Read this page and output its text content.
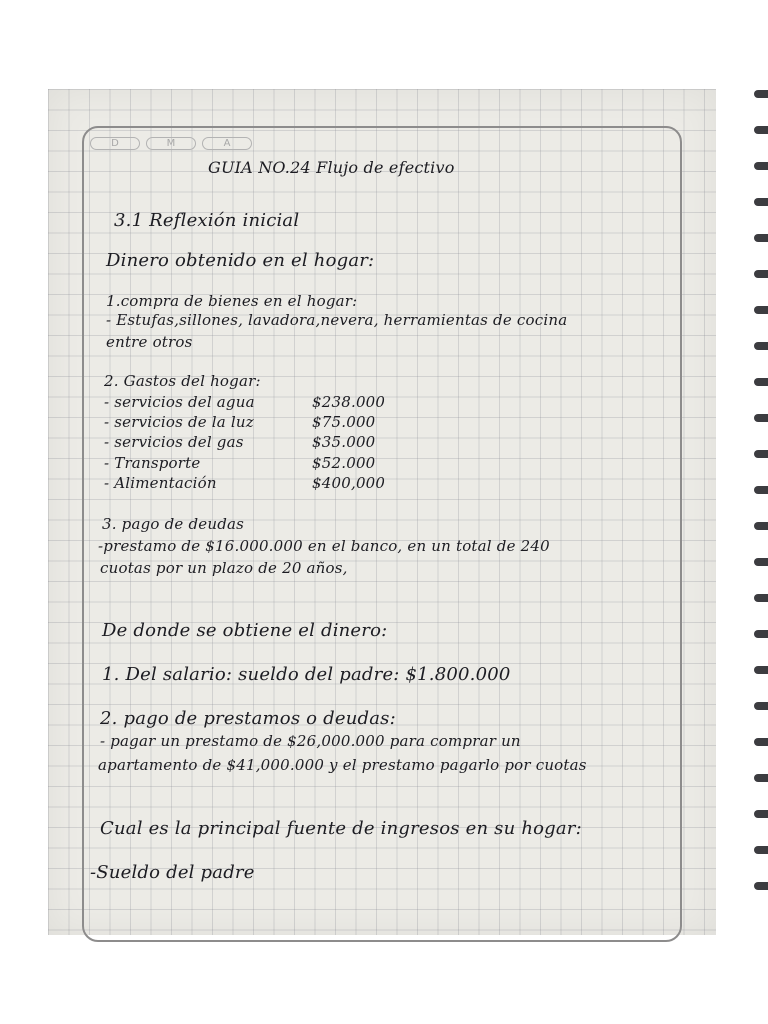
D	M	A
GUIA NO.24 Flujo de efectivo
3.1 Reflexión inicial
Dinero obtenido en el hogar:
1.compra de bienes en el hogar:
- Estufas,sillones, lavadora,nevera, herramientas de cocina
entre otros
2. Gastos del hogar:
- servicios del agua	$238.000
- servicios de la luz	$75.000
- servicios del gas	$35.000
- Transporte	$52.000
- Alimentación	$400,000
3. pago de deudas
-prestamo de $16.000.000 en el banco, en un total de 240
cuotas por un plazo de 20 años,
De donde se obtiene el dinero:
1. Del salario: sueldo del padre: $1.800.000
2. pago de prestamos o deudas:
- pagar un prestamo de $26,000.000 para comprar un
apartamento de $41,000.000 y el prestamo pagarlo por cuotas
Cual es la principal fuente de ingresos en su hogar:
-Sueldo del padre
